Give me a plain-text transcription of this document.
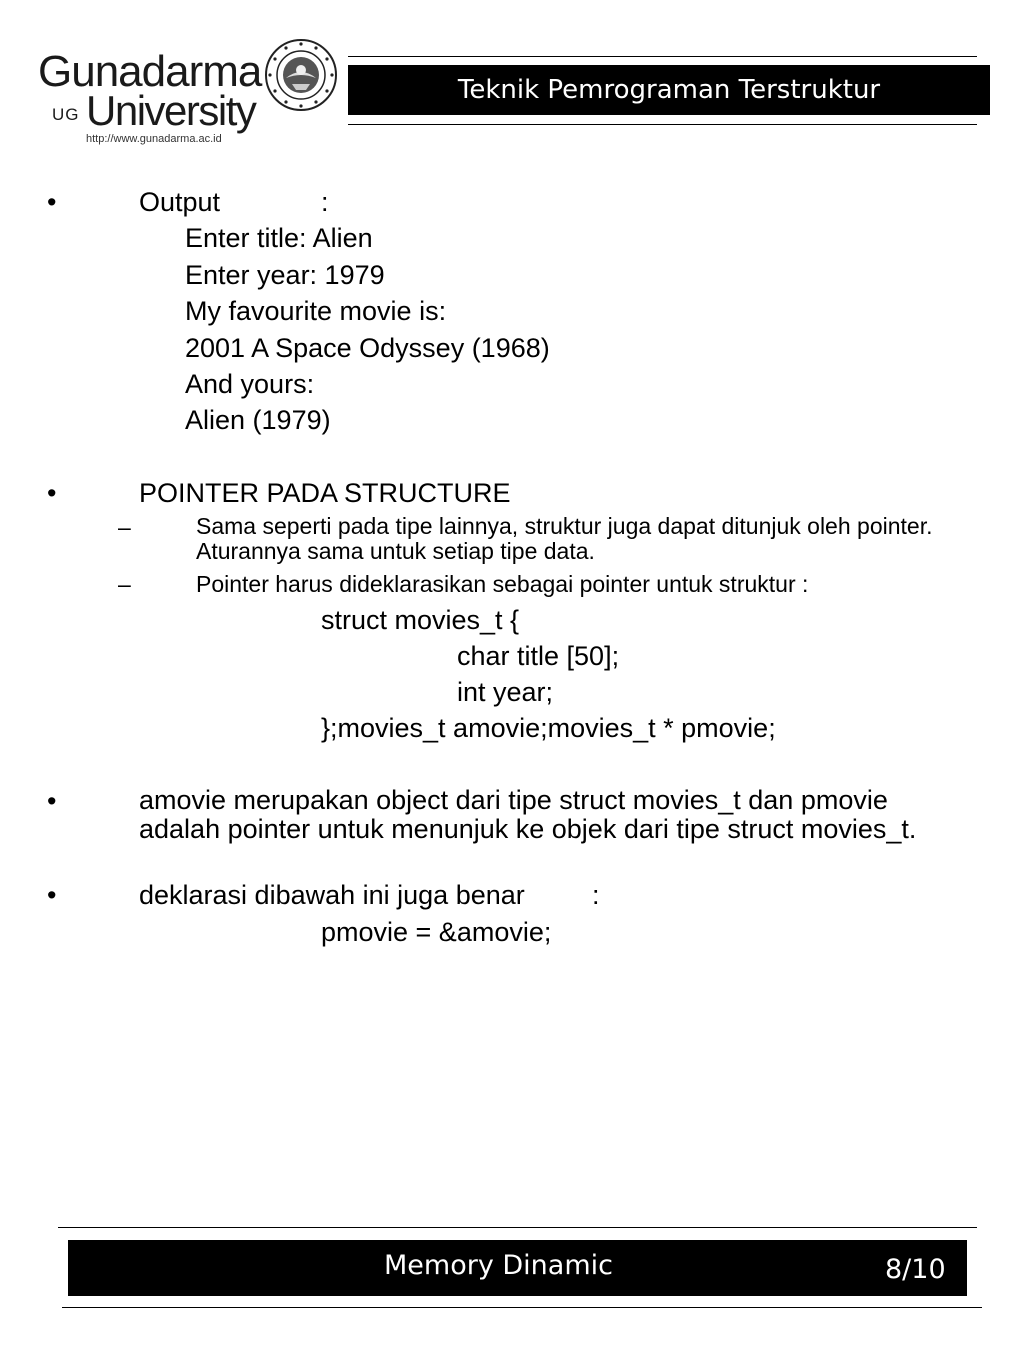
Gunadarma
UG University
http://www.gunadarma.ac.id
Teknik Pemrograman Terstruktur
•	Output	:
Enter title: Alien
Enter year: 1979
My favourite movie is:
2001 A Space Odyssey (1968)
And yours:
Alien (1979)
•	POINTER PADA STRUCTURE
–	Sama seperti pada tipe lainnya, struktur juga dapat ditunjuk oleh pointer. Aturannya sama untuk setiap tipe data.
–	Pointer harus dideklarasikan sebagai pointer untuk struktur :
struct movies_t {
char title [50];
int year;
};movies_t amovie;movies_t * pmovie;
•	amovie merupakan object dari tipe struct movies_t dan pmovie adalah pointer untuk menunjuk ke objek dari tipe struct movies_t.
•	deklarasi dibawah ini juga benar :
pmovie = &amovie;
Memory Dinamic	8/10
